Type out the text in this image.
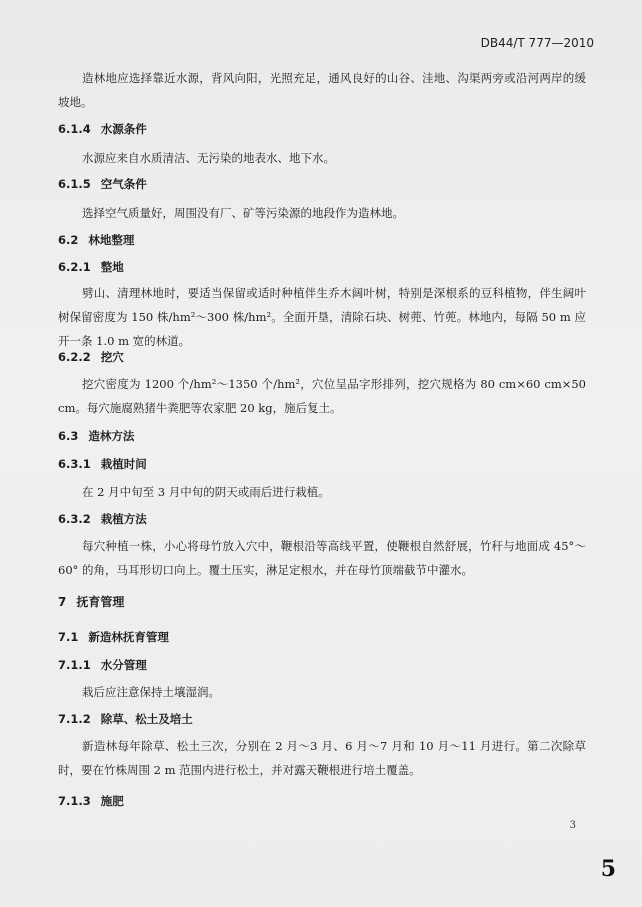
DB44/T 777—2010

造林地应选择靠近水源，背风向阳，光照充足，通风良好的山谷、洼地、沟渠两旁或沿河两岸的缓坡地。

6.1.4 水源条件

水源应来自水质清洁、无污染的地表水、地下水。

6.1.5 空气条件

选择空气质量好，周围没有厂、矿等污染源的地段作为造林地。

6.2 林地整理

6.2.1 整地

劈山、清理林地时，要适当保留或适时种植伴生乔木阔叶树，特别是深根系的豆科植物，伴生阔叶树保留密度为 150 株/hm²～300 株/hm²。全面开垦，清除石块、树蔸、竹蔸。林地内，每隔 50 m 应开一条 1.0 m 宽的林道。

6.2.2 挖穴

挖穴密度为 1200 个/hm²～1350 个/hm²，穴位呈品字形排列，挖穴规格为 80 cm×60 cm×50 cm。每穴施腐熟猪牛粪肥等农家肥 20 kg，施后复土。

6.3 造林方法

6.3.1 栽植时间

在 2 月中旬至 3 月中旬的阴天或雨后进行栽植。

6.3.2 栽植方法

每穴种植一株，小心将母竹放入穴中，鞭根沿等高线平置，使鞭根自然舒展，竹秆与地面成 45°～60° 的角，马耳形切口向上。覆土压实，淋足定根水，并在母竹顶端截节中灌水。

7 抚育管理

7.1 新造林抚育管理

7.1.1 水分管理

栽后应注意保持土壤湿润。

7.1.2 除草、松土及培土

新造林每年除草、松土三次，分别在 2 月～3 月、6 月～7 月和 10 月～11 月进行。第二次除草时，要在竹株周围 2 m 范围内进行松土，并对露天鞭根进行培土覆盖。

7.1.3 施肥

3
5
